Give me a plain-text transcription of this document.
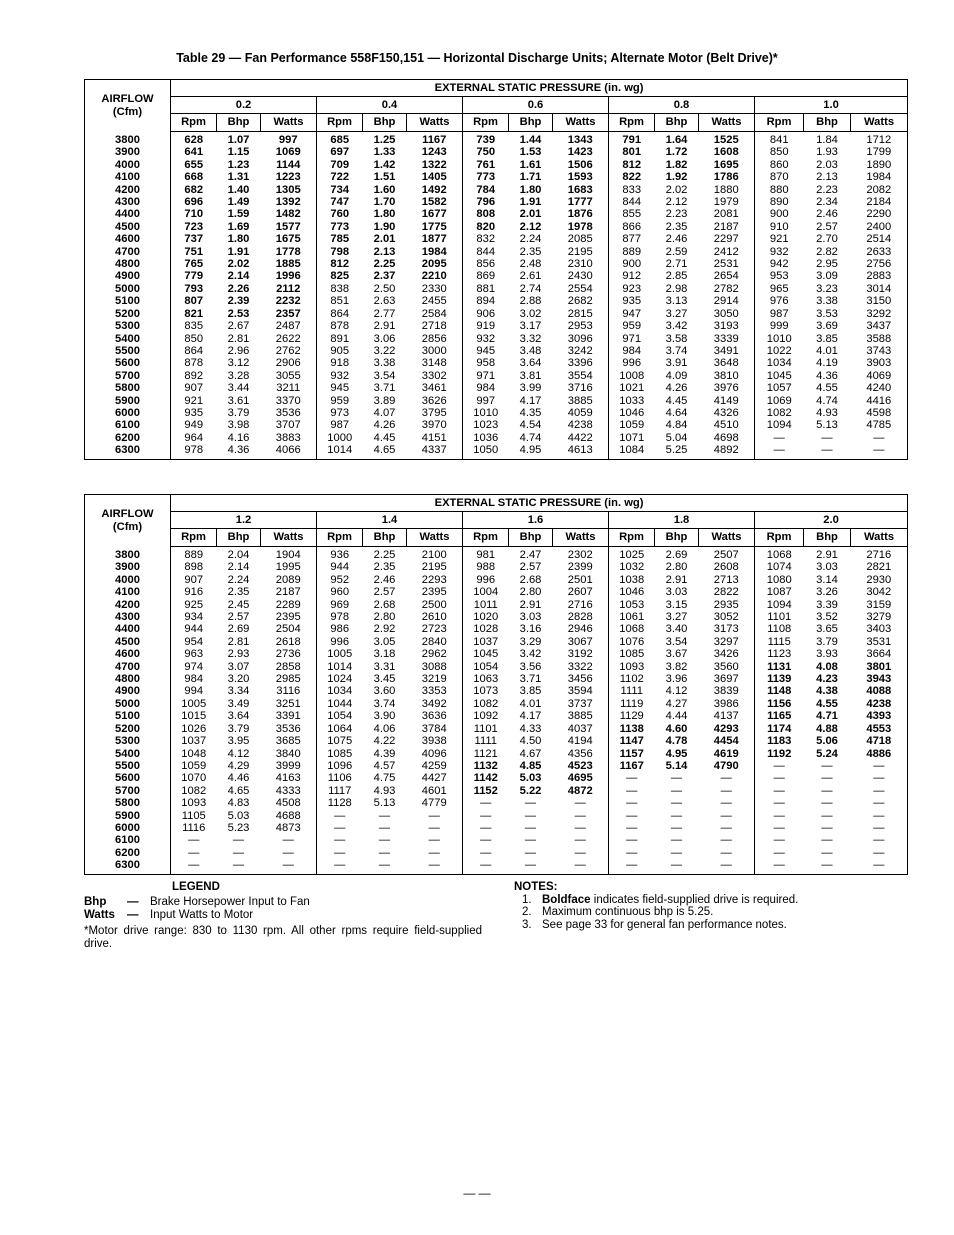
Table 29 — Fan Performance 558F150,151 — Horizontal Discharge Units; Alternate Motor (Belt Drive)*
AIRFLOW
(Cfm)	EXTERNAL STATIC PRESSURE (in. wg)														
	0.2			0.4			0.6			0.8			1.0		
	Rpm	Bhp	Watts	Rpm	Bhp	Watts	Rpm	Bhp	Watts	Rpm	Bhp	Watts	Rpm	Bhp	Watts
3800	628	1.07	997	685	1.25	1167	739	1.44	1343	791	1.64	1525	841	1.84	1712
3900	641	1.15	1069	697	1.33	1243	750	1.53	1423	801	1.72	1608	850	1.93	1799
4000	655	1.23	1144	709	1.42	1322	761	1.61	1506	812	1.82	1695	860	2.03	1890
4100	668	1.31	1223	722	1.51	1405	773	1.71	1593	822	1.92	1786	870	2.13	1984
4200	682	1.40	1305	734	1.60	1492	784	1.80	1683	833	2.02	1880	880	2.23	2082
4300	696	1.49	1392	747	1.70	1582	796	1.91	1777	844	2.12	1979	890	2.34	2184
4400	710	1.59	1482	760	1.80	1677	808	2.01	1876	855	2.23	2081	900	2.46	2290
4500	723	1.69	1577	773	1.90	1775	820	2.12	1978	866	2.35	2187	910	2.57	2400
4600	737	1.80	1675	785	2.01	1877	832	2.24	2085	877	2.46	2297	921	2.70	2514
4700	751	1.91	1778	798	2.13	1984	844	2.35	2195	889	2.59	2412	932	2.82	2633
4800	765	2.02	1885	812	2.25	2095	856	2.48	2310	900	2.71	2531	942	2.95	2756
4900	779	2.14	1996	825	2.37	2210	869	2.61	2430	912	2.85	2654	953	3.09	2883
5000	793	2.26	2112	838	2.50	2330	881	2.74	2554	923	2.98	2782	965	3.23	3014
5100	807	2.39	2232	851	2.63	2455	894	2.88	2682	935	3.13	2914	976	3.38	3150
5200	821	2.53	2357	864	2.77	2584	906	3.02	2815	947	3.27	3050	987	3.53	3292
5300	835	2.67	2487	878	2.91	2718	919	3.17	2953	959	3.42	3193	999	3.69	3437
5400	850	2.81	2622	891	3.06	2856	932	3.32	3096	971	3.58	3339	1010	3.85	3588
5500	864	2.96	2762	905	3.22	3000	945	3.48	3242	984	3.74	3491	1022	4.01	3743
5600	878	3.12	2906	918	3.38	3148	958	3.64	3396	996	3.91	3648	1034	4.19	3903
5700	892	3.28	3055	932	3.54	3302	971	3.81	3554	1008	4.09	3810	1045	4.36	4069
5800	907	3.44	3211	945	3.71	3461	984	3.99	3716	1021	4.26	3976	1057	4.55	4240
5900	921	3.61	3370	959	3.89	3626	997	4.17	3885	1033	4.45	4149	1069	4.74	4416
6000	935	3.79	3536	973	4.07	3795	1010	4.35	4059	1046	4.64	4326	1082	4.93	4598
6100	949	3.98	3707	987	4.26	3970	1023	4.54	4238	1059	4.84	4510	1094	5.13	4785
6200	964	4.16	3883	1000	4.45	4151	1036	4.74	4422	1071	5.04	4698	—	—	—
6300	978	4.36	4066	1014	4.65	4337	1050	4.95	4613	1084	5.25	4892	—	—	—
AIRFLOW
(Cfm)	EXTERNAL STATIC PRESSURE (in. wg)														
	1.2			1.4			1.6			1.8			2.0		
	Rpm	Bhp	Watts	Rpm	Bhp	Watts	Rpm	Bhp	Watts	Rpm	Bhp	Watts	Rpm	Bhp	Watts
3800	889	2.04	1904	936	2.25	2100	981	2.47	2302	1025	2.69	2507	1068	2.91	2716
3900	898	2.14	1995	944	2.35	2195	988	2.57	2399	1032	2.80	2608	1074	3.03	2821
4000	907	2.24	2089	952	2.46	2293	996	2.68	2501	1038	2.91	2713	1080	3.14	2930
4100	916	2.35	2187	960	2.57	2395	1004	2.80	2607	1046	3.03	2822	1087	3.26	3042
4200	925	2.45	2289	969	2.68	2500	1011	2.91	2716	1053	3.15	2935	1094	3.39	3159
4300	934	2.57	2395	978	2.80	2610	1020	3.03	2828	1061	3.27	3052	1101	3.52	3279
4400	944	2.69	2504	986	2.92	2723	1028	3.16	2946	1068	3.40	3173	1108	3.65	3403
4500	954	2.81	2618	996	3.05	2840	1037	3.29	3067	1076	3.54	3297	1115	3.79	3531
4600	963	2.93	2736	1005	3.18	2962	1045	3.42	3192	1085	3.67	3426	1123	3.93	3664
4700	974	3.07	2858	1014	3.31	3088	1054	3.56	3322	1093	3.82	3560	1131	4.08	3801
4800	984	3.20	2985	1024	3.45	3219	1063	3.71	3456	1102	3.96	3697	1139	4.23	3943
4900	994	3.34	3116	1034	3.60	3353	1073	3.85	3594	1111	4.12	3839	1148	4.38	4088
5000	1005	3.49	3251	1044	3.74	3492	1082	4.01	3737	1119	4.27	3986	1156	4.55	4238
5100	1015	3.64	3391	1054	3.90	3636	1092	4.17	3885	1129	4.44	4137	1165	4.71	4393
5200	1026	3.79	3536	1064	4.06	3784	1101	4.33	4037	1138	4.60	4293	1174	4.88	4553
5300	1037	3.95	3685	1075	4.22	3938	1111	4.50	4194	1147	4.78	4454	1183	5.06	4718
5400	1048	4.12	3840	1085	4.39	4096	1121	4.67	4356	1157	4.95	4619	1192	5.24	4886
5500	1059	4.29	3999	1096	4.57	4259	1132	4.85	4523	1167	5.14	4790	—	—	—
5600	1070	4.46	4163	1106	4.75	4427	1142	5.03	4695	—	—	—	—	—	—
5700	1082	4.65	4333	1117	4.93	4601	1152	5.22	4872	—	—	—	—	—	—
5800	1093	4.83	4508	1128	5.13	4779	—	—	—	—	—	—	—	—	—
5900	1105	5.03	4688	—	—	—	—	—	—	—	—	—	—	—	—
6000	1116	5.23	4873	—	—	—	—	—	—	—	—	—	—	—	—
6100	—	—	—	—	—	—	—	—	—	—	—	—	—	—	—
6200	—	—	—	—	—	—	—	—	—	—	—	—	—	—	—
6300	—	—	—	—	—	—	—	—	—	—	—	—	—	—	—
LEGEND
Bhp — Brake Horsepower Input to Fan
Watts — Input Watts to Motor
*Motor drive range: 830 to 1130 rpm. All other rpms require field-supplied drive.
NOTES:
1. Boldface indicates field-supplied drive is required.
2. Maximum continuous bhp is 5.25.
3. See page 33 for general fan performance notes.
— —
